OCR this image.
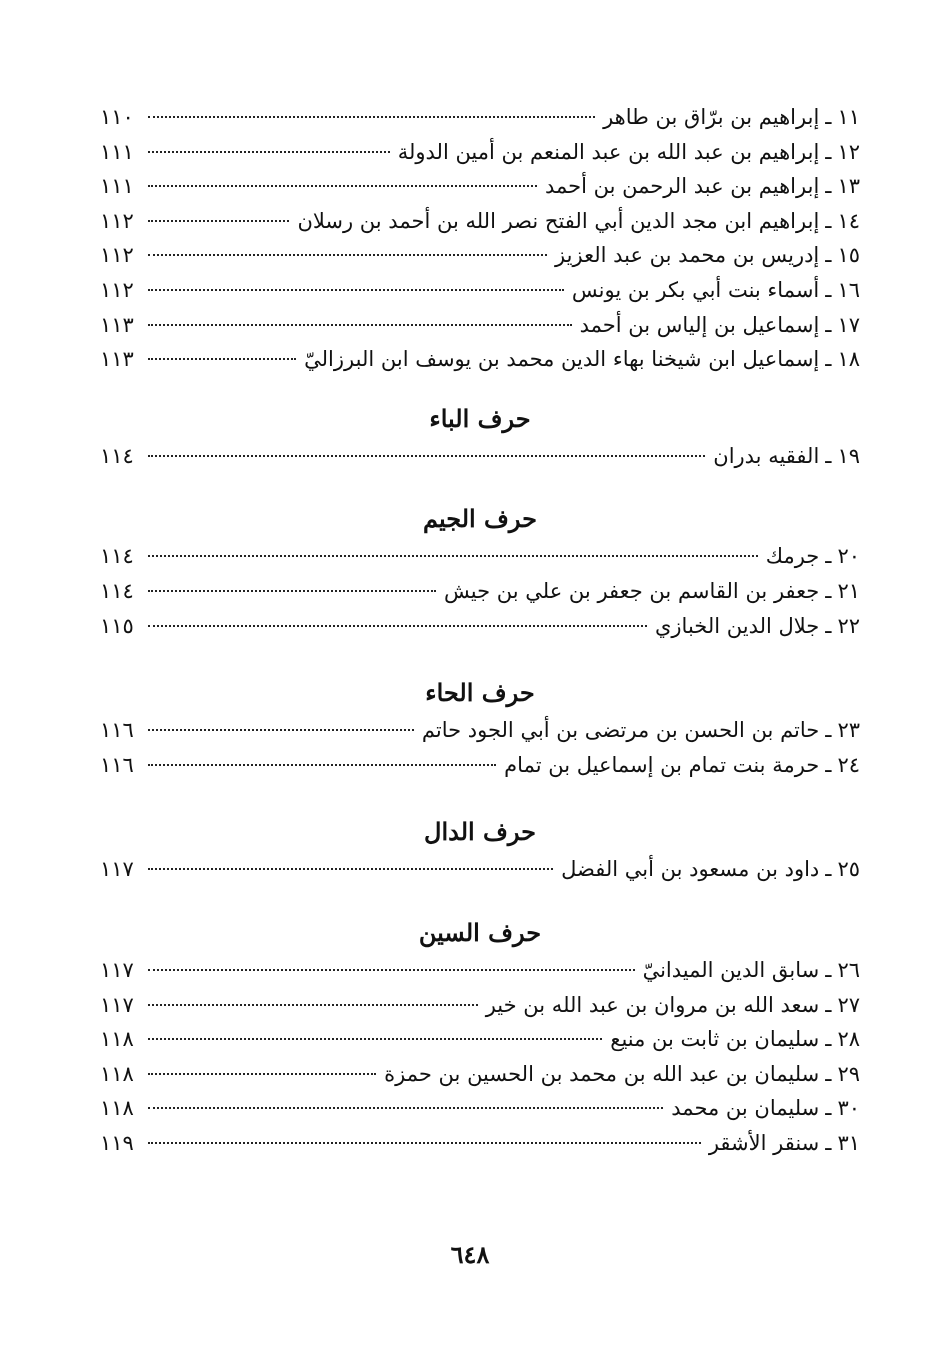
١١ـإبراهيم بن برّاق بن طاهر
١١٠
١٢ـإبراهيم بن عبد الله بن عبد المنعم بن أمين الدولة
١١١
١٣ـإبراهيم بن عبد الرحمن بن أحمد
١١١
١٤ـإبراهيم ابن مجد الدين أبي الفتح نصر الله بن أحمد بن رسلان
١١٢
١٥ـإدريس بن محمد بن عبد العزيز
١١٢
١٦ـأسماء بنت أبي بكر بن يونس
١١٢
١٧ـإسماعيل بن إلياس بن أحمد
١١٣
١٨ـإسماعيل ابن شيخنا بهاء الدين محمد بن يوسف ابن البرزاليّ
١١٣
حرف الباء
١٩ـالفقيه بدران
١١٤
حرف الجيم
٢٠ـجرمك
١١٤
٢١ـجعفر بن القاسم بن جعفر بن علي بن جيش
١١٤
٢٢ـجلال الدين الخبازي
١١٥
حرف الحاء
٢٣ـحاتم بن الحسن بن مرتضى بن أبي الجود حاتم
١١٦
٢٤ـحرمة بنت تمام بن إسماعيل بن تمام
١١٦
حرف الدال
٢٥ـداود بن مسعود بن أبي الفضل
١١٧
حرف السين
٢٦ـسابق الدين الميدانيّ
١١٧
٢٧ـسعد الله بن مروان بن عبد الله بن خير
١١٧
٢٨ـسليمان بن ثابت بن منيع
١١٨
٢٩ـسليمان بن عبد الله بن محمد بن الحسين بن حمزة
١١٨
٣٠ـسليمان بن محمد
١١٨
٣١ـسنقر الأشقر
١١٩
٦٤٨
